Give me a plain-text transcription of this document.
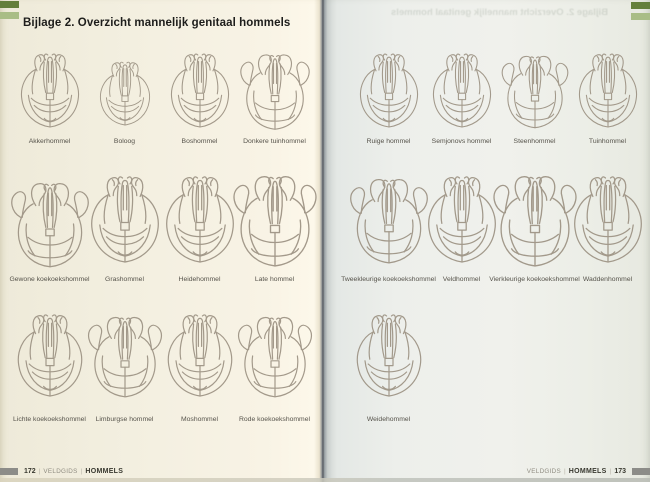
Bijlage 2. Overzicht mannelijk genitaal hommels
Bijlage 2. Overzicht mannelijk genitaal hommels
Akkerhommel	Boloog	Boshommel	Donkere tuinhommel
Gewone koekoekshommel Grashommel	Heidehommel	Late hommel
Lichte koekoekshommel Limburgse hommel	Moshommel	Rode koekoekshommel
Ruige hommel	Semjonovs hommel	Steenhommel	Tuinhommel
Tweekleurige koekoekshommel Veldhommel Vierkleurige koekoekshommel Waddenhommel
Weidehommel
172 | VELDGIDS | HOMMELS	VELDGIDS | HOMMELS | 173
